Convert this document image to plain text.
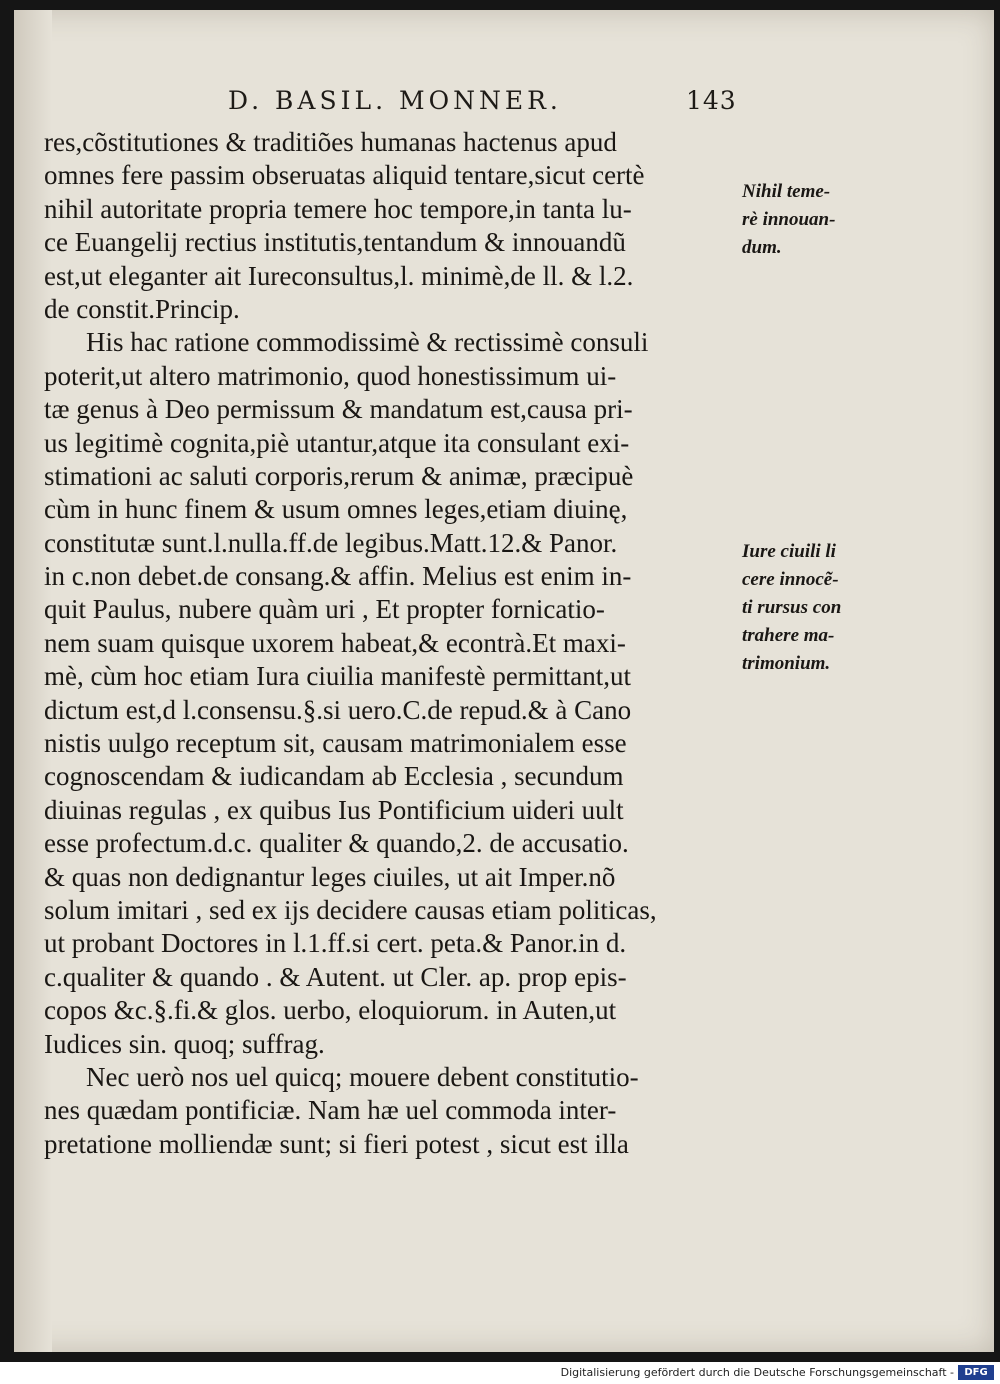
D. BASIL. MONNER.	143
res,cõstitutiones & traditiões humanas hactenus apud
omnes fere passim obseruatas aliquid tentare,sicut certè
nihil autoritate propria temere hoc tempore,in tanta lu-
ce Euangelij rectius institutis,tentandum & innouandũ
est,ut eleganter ait Iureconsultus,l. minimè,de ll. & l.2.
de constit.Princip.
His hac ratione commodissimè & rectissimè consuli
poterit,ut altero matrimonio, quod honestissimum ui-
tæ genus à Deo permissum & mandatum est,causa pri-
us legitimè cognita,piè utantur,atque ita consulant exi-
stimationi ac saluti corporis,rerum & animæ, præcipuè
cùm in hunc finem & usum omnes leges,etiam diuinę,
constitutæ sunt.l.nulla.ff.de legibus.Matt.12.& Panor.
in c.non debet.de consang.& affin. Melius est enim in-
quit Paulus, nubere quàm uri , Et propter fornicatio-
nem suam quisque uxorem habeat,& econtrà.Et maxi-
mè, cùm hoc etiam Iura ciuilia manifestè permittant,ut
dictum est,d l.consensu.§.si uero.C.de repud.& à Cano
nistis uulgo receptum sit, causam matrimonialem esse
cognoscendam & iudicandam ab Ecclesia , secundum
diuinas regulas , ex quibus Ius Pontificium uideri uult
esse profectum.d.c. qualiter & quando,2. de accusatio.
& quas non dedignantur leges ciuiles, ut ait Imper.nõ
solum imitari , sed ex ijs decidere causas etiam politicas,
ut probant Doctores in l.1.ff.si cert. peta.& Panor.in d.
c.qualiter & quando . & Autent. ut Cler. ap. prop epis-
copos &c.§.fi.& glos. uerbo, eloquiorum. in Auten,ut
Iudices sin. quoq; suffrag.
Nec uerò nos uel quicq; mouere debent constitutio-
nes quædam pontificiæ. Nam hæ uel commoda inter-
pretatione molliendæ sunt; si fieri potest , sicut est illa
Nihil teme-
rè innouan-
dum.
Iure ciuili li
cere innocẽ-
ti rursus con
trahere ma-
trimonium.
Digitalisierung gefördert durch die Deutsche Forschungsgemeinschaft -	DFG
